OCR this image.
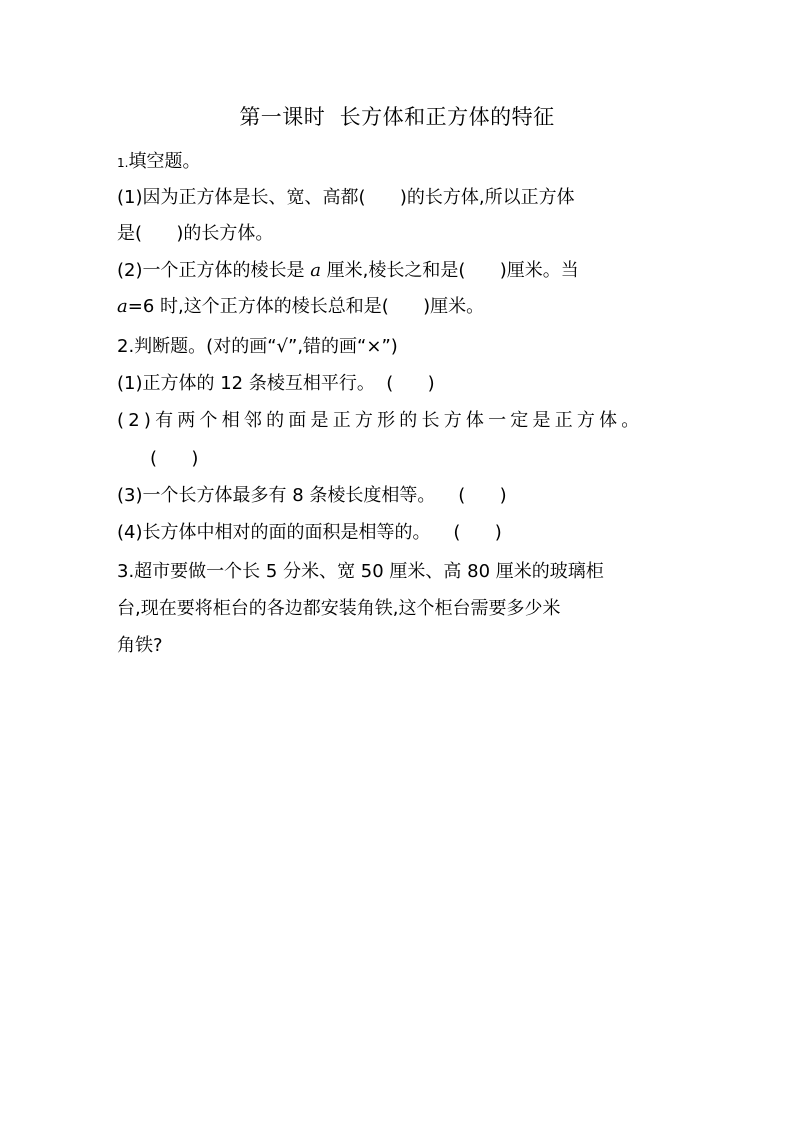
第一课时  长方体和正方体的特征
1.填空题。
(1)因为正方体是长、宽、高都(      )的长方体,所以正方体
是(      )的长方体。
(2)一个正方体的棱长是 a 厘米,棱长之和是(      )厘米。当
a=6 时,这个正方体的棱长总和是(      )厘米。
2.判断题。(对的画“√”,错的画“×”)
(1)正方体的 12 条棱互相平行。  (      )
(2)有两个相邻的面是正方形的长方体一定是正方体。
(      )
(3)一个长方体最多有 8 条棱长度相等。    (      )
(4)长方体中相对的面的面积是相等的。    (      )
3.超市要做一个长 5 分米、宽 50 厘米、高 80 厘米的玻璃柜
台,现在要将柜台的各边都安装角铁,这个柜台需要多少米
角铁?
